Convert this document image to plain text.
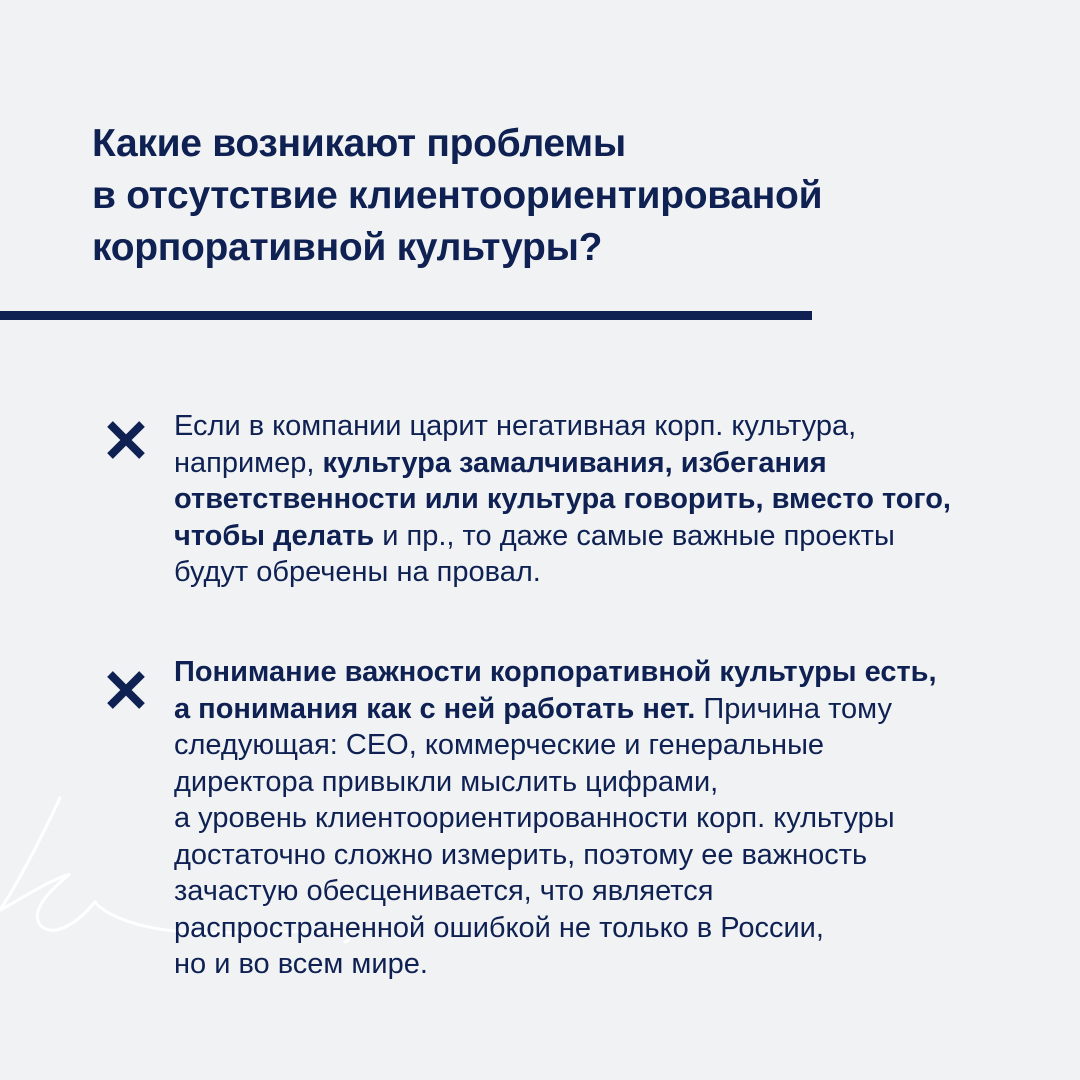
Какие возникают проблемы
в отсутствие клиентоориентированой
корпоративной культуры?
Если в компании царит негативная корп. культура,
например, культура замалчивания, избегания
ответственности или культура говорить, вместо того,
чтобы делать и пр., то даже самые важные проекты
будут обречены на провал.
Понимание важности корпоративной культуры есть,
а понимания как с ней работать нет. Причина тому
следующая: CEO, коммерческие и генеральные
директора привыкли мыслить цифрами,
а уровень клиентоориентированности корп. культуры
достаточно сложно измерить, поэтому ее важность
зачастую обесценивается, что является
распространенной ошибкой не только в России,
но и во всем мире.
